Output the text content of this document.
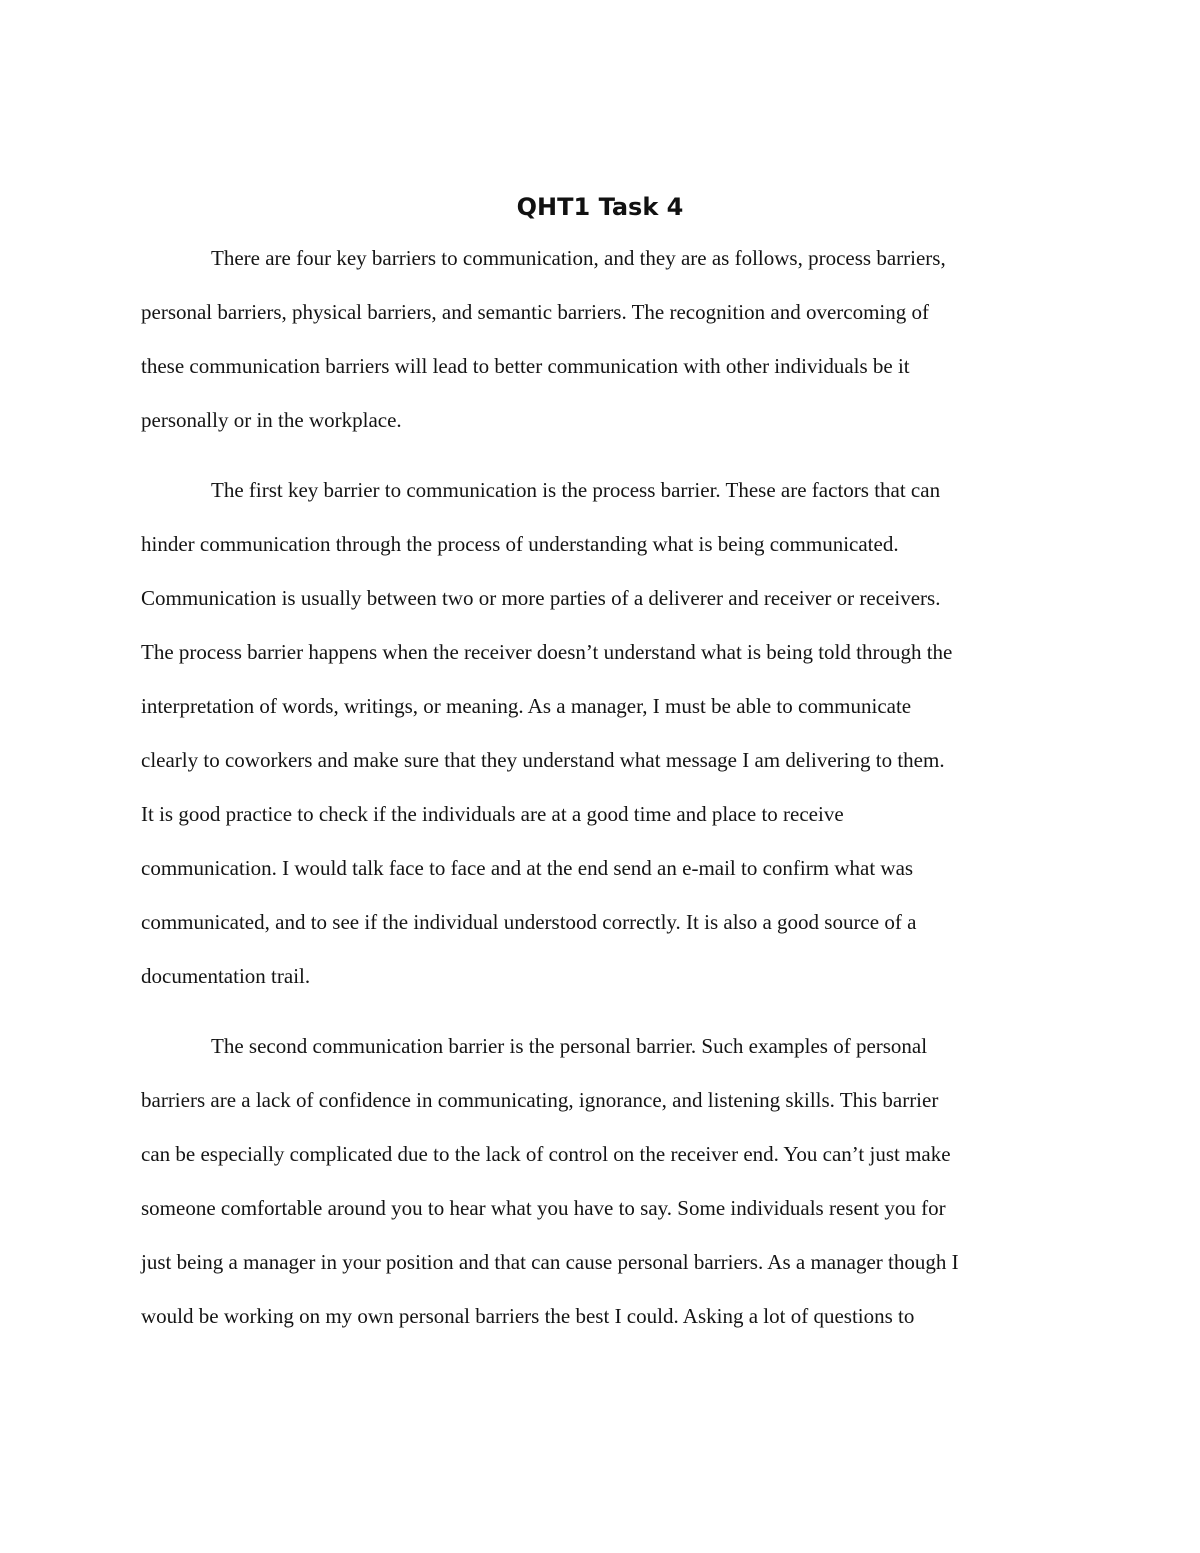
QHT1 Task 4

There are four key barriers to communication, and they are as follows, process barriers,
personal barriers, physical barriers, and semantic barriers. The recognition and overcoming of
these communication barriers will lead to better communication with other individuals be it
personally or in the workplace.

The first key barrier to communication is the process barrier. These are factors that can
hinder communication through the process of understanding what is being communicated.
Communication is usually between two or more parties of a deliverer and receiver or receivers.
The process barrier happens when the receiver doesn’t understand what is being told through the
interpretation of words, writings, or meaning. As a manager, I must be able to communicate
clearly to coworkers and make sure that they understand what message I am delivering to them.
It is good practice to check if the individuals are at a good time and place to receive
communication. I would talk face to face and at the end send an e-mail to confirm what was
communicated, and to see if the individual understood correctly. It is also a good source of a
documentation trail.

The second communication barrier is the personal barrier. Such examples of personal
barriers are a lack of confidence in communicating, ignorance, and listening skills. This barrier
can be especially complicated due to the lack of control on the receiver end. You can’t just make
someone comfortable around you to hear what you have to say. Some individuals resent you for
just being a manager in your position and that can cause personal barriers. As a manager though I
would be working on my own personal barriers the best I could. Asking a lot of questions to
